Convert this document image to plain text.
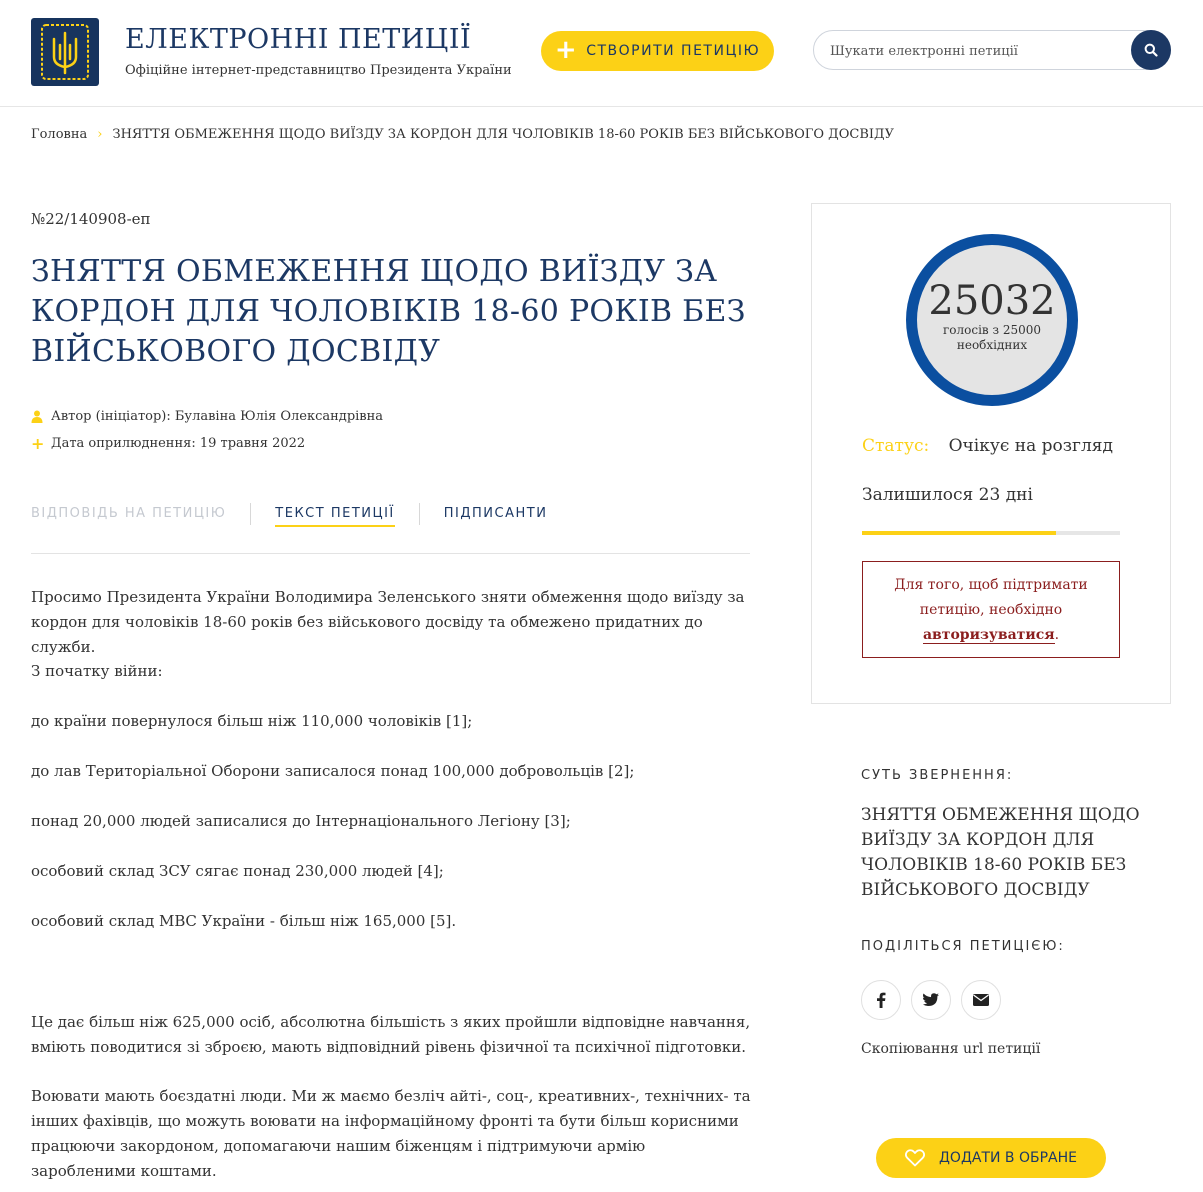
ЕЛЕКТРОННІ ПЕТИЦІЇ
Офіційне інтернет-представництво Президента України
+ СТВОРИТИ ПЕТИЦІЮ
Шукати електронні петиції
Головна › ЗНЯТТЯ ОБМЕЖЕННЯ ЩОДО ВИЇЗДУ ЗА КОРДОН ДЛЯ ЧОЛОВІКІВ 18-60 РОКІВ БЕЗ ВІЙСЬКОВОГО ДОСВІДУ
№22/140908-еп
ЗНЯТТЯ ОБМЕЖЕННЯ ЩОДО ВИЇЗДУ ЗА КОРДОН ДЛЯ ЧОЛОВІКІВ 18-60 РОКІВ БЕЗ ВІЙСЬКОВОГО ДОСВІДУ
Автор (ініціатор): Булавіна Юлія Олександрівна
+ Дата оприлюднення: 19 травня 2022
ВІДПОВІДЬ НА ПЕТИЦІЮ	ТЕКСТ ПЕТИЦІЇ	ПІДПИСАНТИ

Просимо Президента України Володимира Зеленського зняти обмеження щодо виїзду за кордон для чоловіків 18-60 років без військового досвіду та обмежено придатних до служби.

З початку війни:

до країни повернулося більш ніж 110,000 чоловіків [1];

до лав Територіальної Оборони записалося понад 100,000 добровольців [2];

понад 20,000 людей записалися до Інтернаціонального Легіону [3];

особовий склад ЗСУ сягає понад 230,000 людей [4];

особовий склад МВС України - більш ніж 165,000 [5].

Це дає більш ніж 625,000 осіб, абсолютна більшість з яких пройшли відповідне навчання, вміють поводитися зі зброєю, мають відповідний рівень фізичної та психічної підготовки.

Воювати мають боєздатні люди. Ми ж маємо безліч айті-, соц-, креативних-, технічних- та інших фахівців, що можуть воювати на інформаційному фронті та бути більш корисними працюючи закордоном, допомагаючи нашим біженцям і підтримуючи армію заробленими коштами.

25032
голосів з 25000 необхідних
Статус: Очікує на розгляд
Залишилося 23 дні
Для того, щоб підтримати петицію, необхідно авторизуватися.
СУТЬ ЗВЕРНЕННЯ:
ЗНЯТТЯ ОБМЕЖЕННЯ ЩОДО ВИЇЗДУ ЗА КОРДОН ДЛЯ ЧОЛОВІКІВ 18-60 РОКІВ БЕЗ ВІЙСЬКОВОГО ДОСВІДУ
ПОДІЛІТЬСЯ ПЕТИЦІЄЮ:
Скопіювання url петиції
ДОДАТИ В ОБРАНЕ
